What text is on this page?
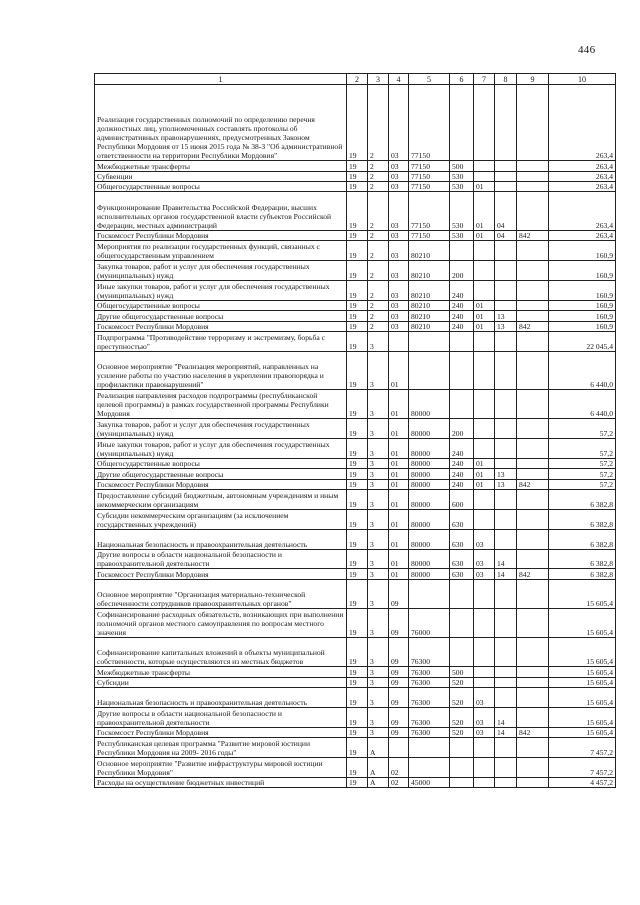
446
1	2	3	4	5	6	7	8	9	10
Реализация государственных полномочий по определению перечня должностных лиц, уполномоченных составлять протоколы об административных правонарушениях, предусмотренных Законом Республики Мордовия от 15 июня 2015 года № 38-З "Об административной ответственности на территории Республики Мордовия"	19	2	03	77150					263,4
Межбюджетные трансферты	19	2	03	77150	500				263,4
Субвенции	19	2	03	77150	530				263,4
Общегосударственные вопросы	19	2	03	77150	530	01			263,4
Функционирование Правительства Российской Федерации, высших исполнительных органов государственной власти субъектов Российской Федерации, местных администраций	19	2	03	77150	530	01	04		263,4
Госкомсост Республики Мордовия	19	2	03	77150	530	01	04	842	263,4
Мероприятия по реализации государственных функций, связанных с общегосударственным управлением	19	2	03	80210					160,9
Закупка товаров, работ и услуг для обеспечения государственных (муниципальных) нужд	19	2	03	80210	200				160,9
Иные закупки товаров, работ и услуг для обеспечения государственных (муниципальных) нужд	19	2	03	80210	240				160,9
Общегосударственные вопросы	19	2	03	80210	240	01			160,9
Другие общегосударственные вопросы	19	2	03	80210	240	01	13		160,9
Госкомсост Республики Мордовия	19	2	03	80210	240	01	13	842	160,9
Подпрограмма "Противодействие терроризму и экстремизму, борьба с преступностью"	19	3							22 045,4
Основное мероприятие "Реализация мероприятий, направленных на усиление работы по участию населения в укреплении правопорядка и профилактики правонарушений"	19	3	01						6 440,0
Реализация направления расходов подпрограммы (республиканской целевой программы) в рамках государственной программы Республики Мордовия	19	3	01	80000					6 440,0
Закупка товаров, работ и услуг для обеспечения государственных (муниципальных) нужд	19	3	01	80000	200				57,2
Иные закупки товаров, работ и услуг для обеспечения государственных (муниципальных) нужд	19	3	01	80000	240				57,2
Общегосударственные вопросы	19	3	01	80000	240	01			57,2
Другие общегосударственные вопросы	19	3	01	80000	240	01	13		57,2
Госкомсост Республики Мордовия	19	3	01	80000	240	01	13	842	57,2
Предоставление субсидий бюджетным, автономным учреждениям и иным некоммерческим организациям	19	3	01	80000	600				6 382,8
Субсидии некоммерческим организациям (за исключением государственных учреждений)	19	3	01	80000	630				6 382,8
Национальная безопасность и правоохранительная деятельность	19	3	01	80000	630	03			6 382,8
Другие вопросы в области национальной безопасности и правоохранительной деятельности	19	3	01	80000	630	03	14		6 382,8
Госкомсост Республики Мордовия	19	3	01	80000	630	03	14	842	6 382,8
Основное мероприятие "Организация материально-технической обеспеченности сотрудников правоохранительных органов"	19	3	09						15 605,4
Софинансирование расходных обязательств, возникающих при выполнении полномочий органов местного самоуправления по вопросам местного значения	19	3	09	76000					15 605,4
Софинансирование капитальных вложений в объекты муниципальной собственности, которые осуществляются из местных бюджетов	19	3	09	76300					15 605,4
Межбюджетные трансферты	19	3	09	76300	500				15 605,4
Субсидии	19	3	09	76300	520				15 605,4
Национальная безопасность и правоохранительная деятельность	19	3	09	76300	520	03			15 605,4
Другие вопросы в области национальной безопасности и правоохранительной деятельности	19	3	09	76300	520	03	14		15 605,4
Госкомсост Республики Мордовия	19	3	09	76300	520	03	14	842	15 605,4
Республиканская целевая программа "Развитие мировой юстиции Республики Мордовия на 2009- 2016 годы"	19	А							7 457,2
Основное мероприятие "Развитие инфраструктуры мировой юстиции Республики Мордовия"	19	А	02						7 457,2
Расходы на осуществление бюджетных инвестиций	19	А	02	45000					4 457,2
